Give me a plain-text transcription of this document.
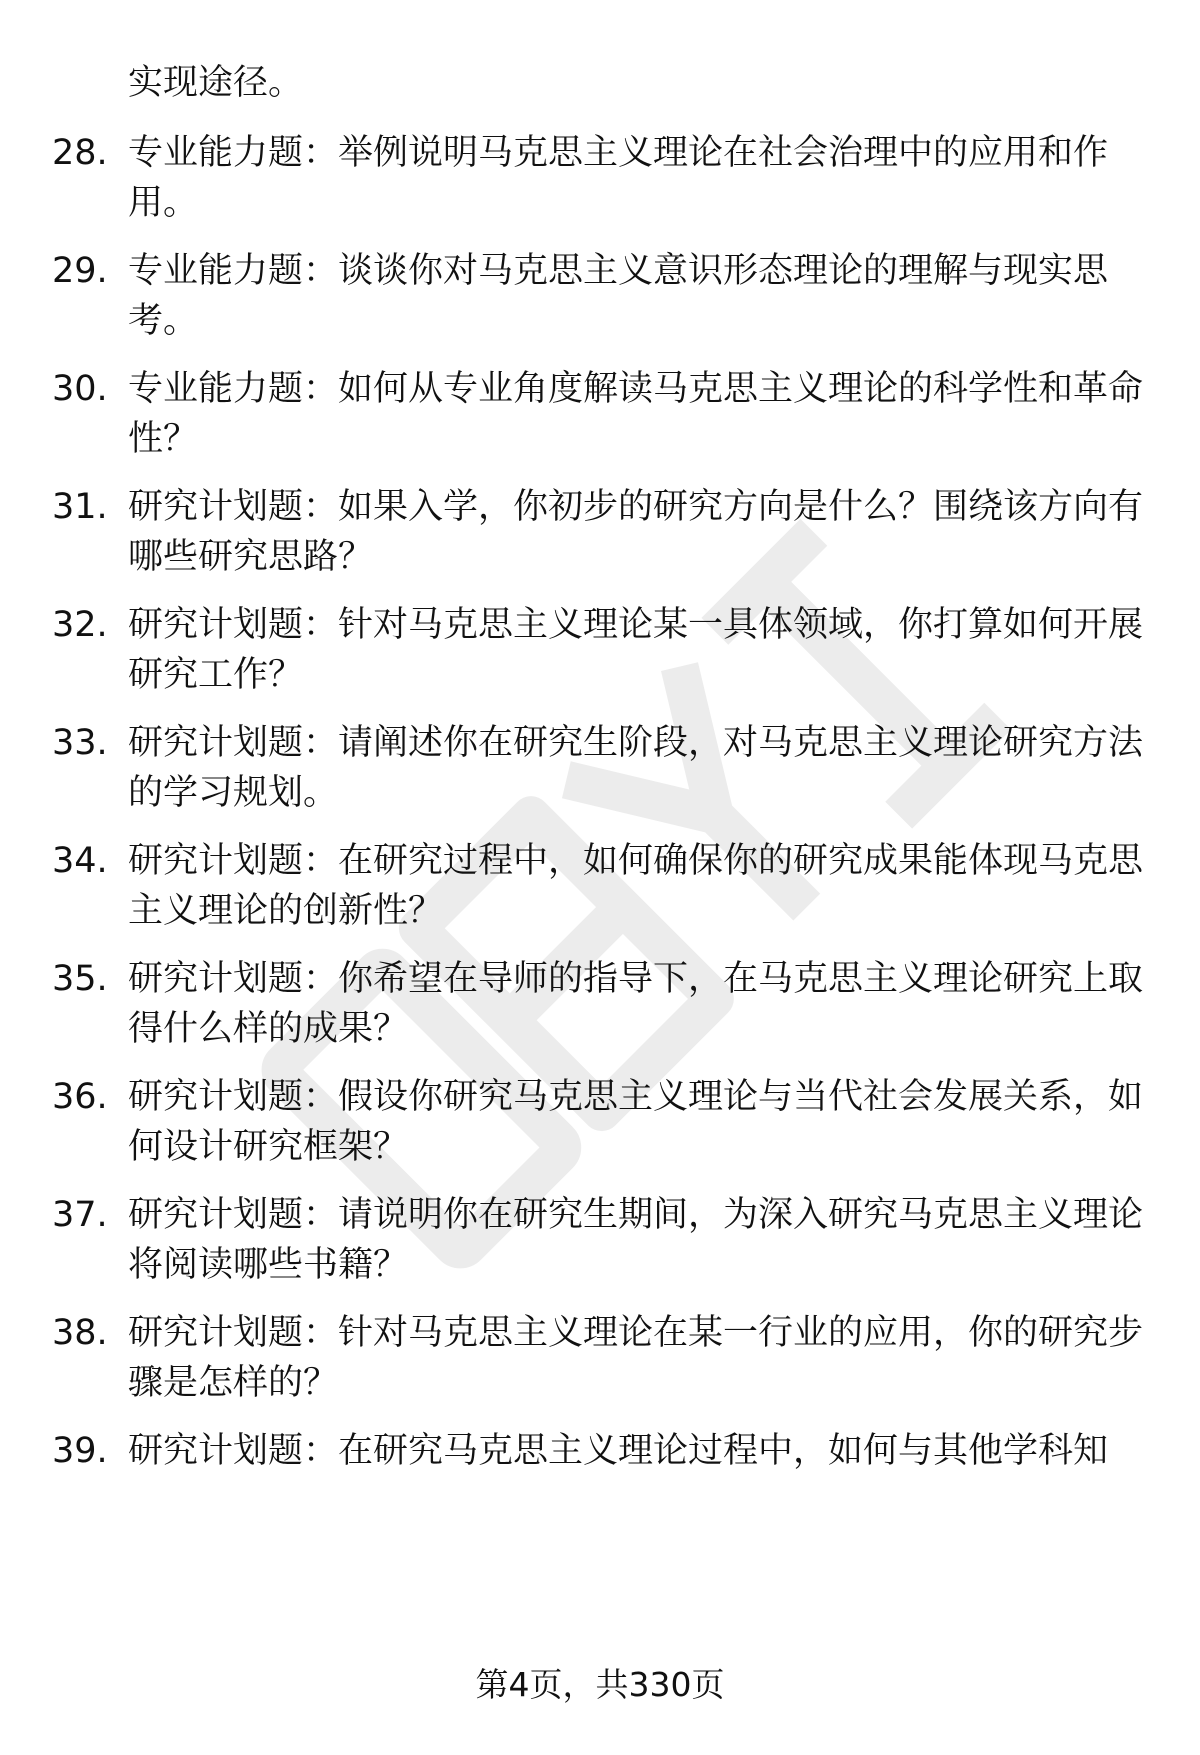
实现途径。
28. 专业能力题：举例说明马克思主义理论在社会治理中的应用和作用。
29. 专业能力题：谈谈你对马克思主义意识形态理论的理解与现实思考。
30. 专业能力题：如何从专业角度解读马克思主义理论的科学性和革命性？
31. 研究计划题：如果入学，你初步的研究方向是什么？围绕该方向有哪些研究思路？
32. 研究计划题：针对马克思主义理论某一具体领域，你打算如何开展研究工作？
33. 研究计划题：请阐述你在研究生阶段，对马克思主义理论研究方法的学习规划。
34. 研究计划题：在研究过程中，如何确保你的研究成果能体现马克思主义理论的创新性？
35. 研究计划题：你希望在导师的指导下，在马克思主义理论研究上取得什么样的成果？
36. 研究计划题：假设你研究马克思主义理论与当代社会发展关系，如何设计研究框架？
37. 研究计划题：请说明你在研究生期间，为深入研究马克思主义理论将阅读哪些书籍？
38. 研究计划题：针对马克思主义理论在某一行业的应用，你的研究步骤是怎样的？
39. 研究计划题：在研究马克思主义理论过程中，如何与其他学科知
第4页，共330页
